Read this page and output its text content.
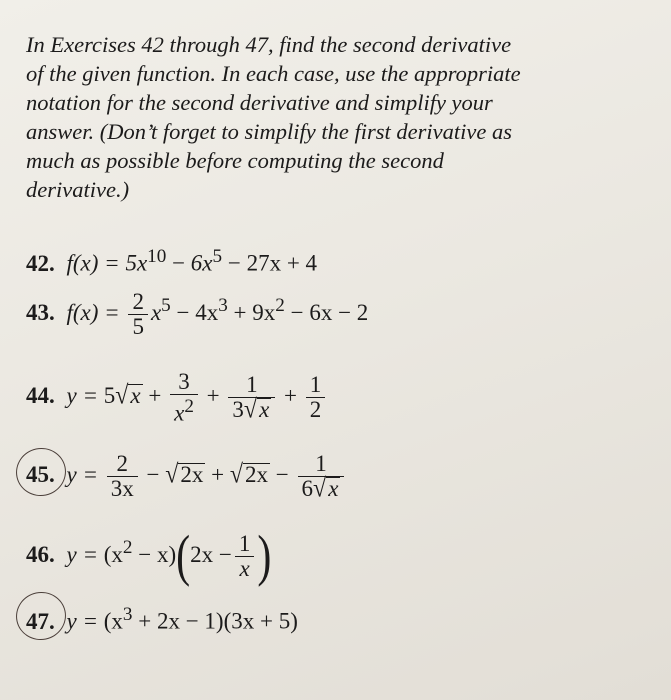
In Exercises 42 through 47, find the second derivative
of the given function. In each case, use the appropriate
notation for the second derivative and simplify your
answer. (Don’t forget to simplify the first derivative as
much as possible before computing the second
derivative.)
42. $f(x) = 5x^{10} - 6x^5 - 27x + 4$
43. $f(x) = \frac{2}{5} x^5 - 4x^3 + 9x^2 - 6x - 2$
44. $y = 5√x + \frac{3}{x^2} + \frac{1}{3√x} + \frac{1}{2}$
45. $y = \frac{2}{3x} - √2x + √2x - \frac{1}{6√x}$
46. $y = (x^2 - x)(2x - \frac{1}{x}$ )
47. $y = (x^3 + 2x - 1)(3x + 5)$
